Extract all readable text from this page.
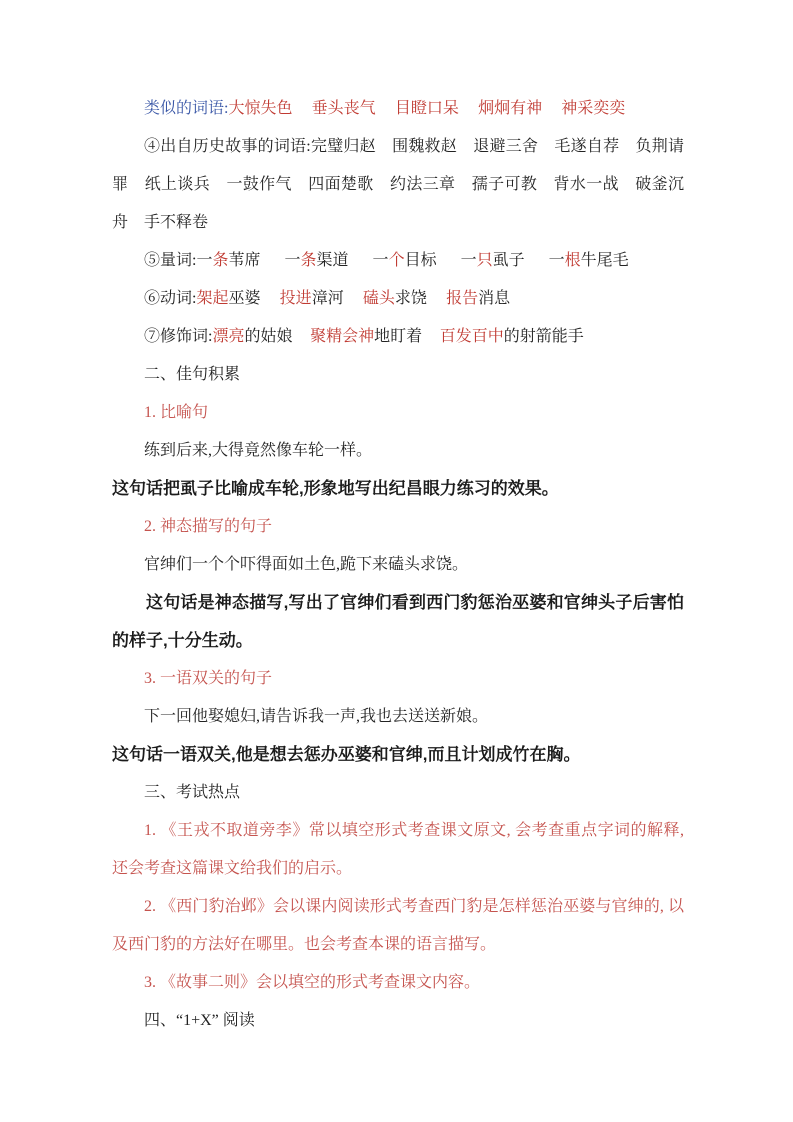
类似的词语:大惊失色 垂头丧气 目瞪口呆 炯炯有神 神采奕奕

④出自历史故事的词语:完璧归赵　围魏救赵　退避三舍　毛遂自荐　负荆请罪　纸上谈兵　一鼓作气　四面楚歌　约法三章　孺子可教　背水一战　破釜沉舟　手不释卷

⑤量词:一条苇席 一条渠道 一个目标 一只虱子 一根牛尾毛

⑥动词:架起巫婆 投进漳河 磕头求饶 报告消息

⑦修饰词:漂亮的姑娘 聚精会神地盯着 百发百中的射箭能手

二、佳句积累

1. 比喻句

练到后来,大得竟然像车轮一样。

这句话把虱子比喻成车轮,形象地写出纪昌眼力练习的效果。

2. 神态描写的句子

官绅们一个个吓得面如土色,跪下来磕头求饶。

这句话是神态描写,写出了官绅们看到西门豹惩治巫婆和官绅头子后害怕的样子,十分生动。

3. 一语双关的句子

下一回他娶媳妇,请告诉我一声,我也去送送新娘。

这句话一语双关,他是想去惩办巫婆和官绅,而且计划成竹在胸。

三、考试热点

1. 《王戎不取道旁李》常以填空形式考查课文原文, 会考查重点字词的解释, 还会考查这篇课文给我们的启示。

2. 《西门豹治邺》会以课内阅读形式考查西门豹是怎样惩治巫婆与官绅的, 以及西门豹的方法好在哪里。也会考查本课的语言描写。

3. 《故事二则》会以填空的形式考查课文内容。

四、“1+X” 阅读
